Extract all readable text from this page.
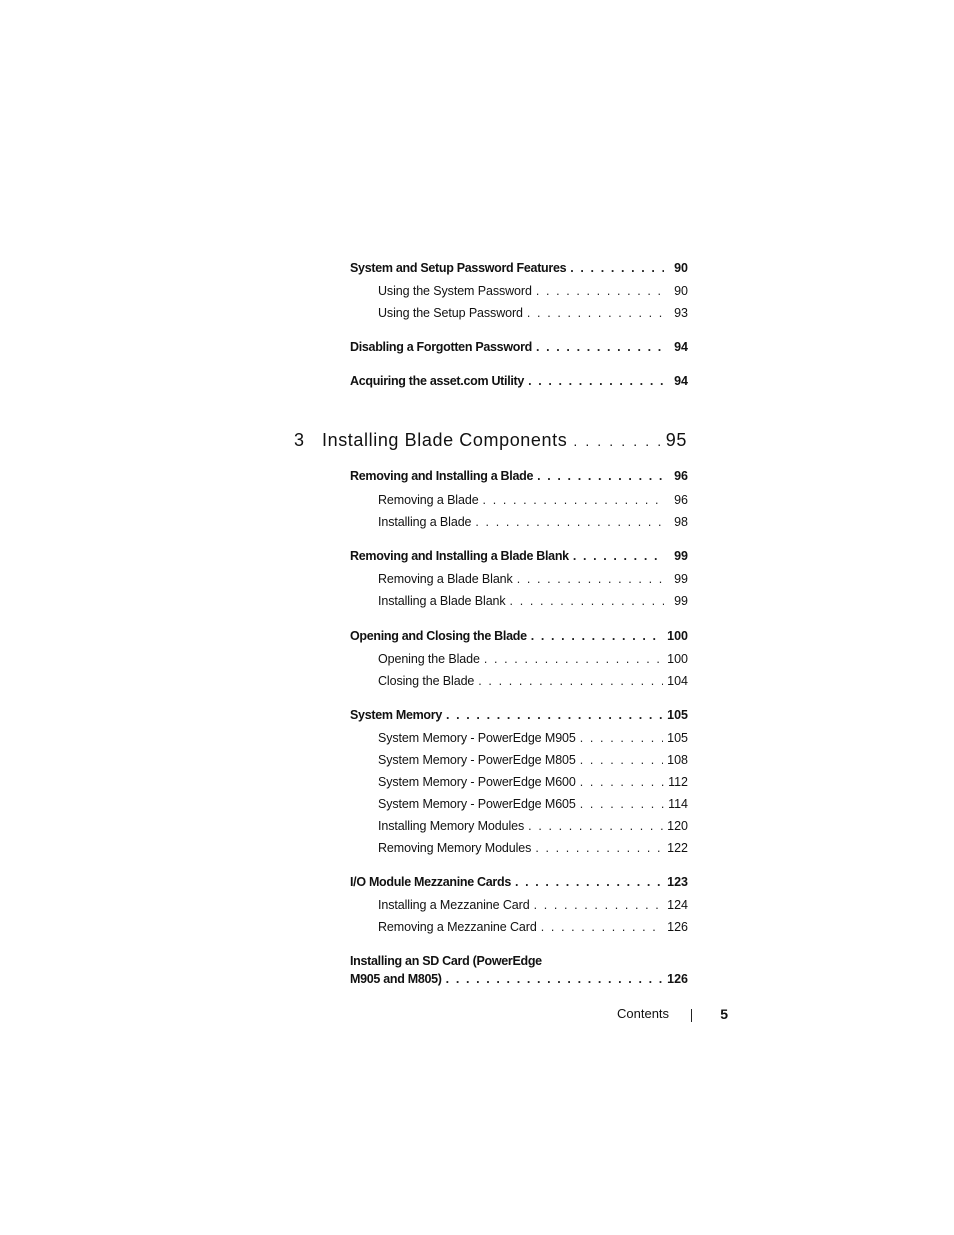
System and Setup Password Features . . .	90
Using the System Password . . .	90
Using the Setup Password . . .	93
Disabling a Forgotten Password . . .	94
Acquiring the asset.com Utility . . .	94
3 Installing Blade Components . . .	95
Removing and Installing a Blade . . .	96
Removing a Blade . . .	96
Installing a Blade . . .	98
Removing and Installing a Blade Blank . . .	99
Removing a Blade Blank . . .	99
Installing a Blade Blank . . .	99
Opening and Closing the Blade . . .	100
Opening the Blade . . .	100
Closing the Blade . . .	104
System Memory . . .	105
System Memory - PowerEdge M905 . . .	105
System Memory - PowerEdge M805 . . .	108
System Memory - PowerEdge M600 . . .	112
System Memory - PowerEdge M605 . . .	114
Installing Memory Modules . . .	120
Removing Memory Modules . . .	122
I/O Module Mezzanine Cards . . .	123
Installing a Mezzanine Card . . .	124
Removing a Mezzanine Card . . .	126
Installing an SD Card (PowerEdge
M905 and M805) . . .	126
Contents	5
